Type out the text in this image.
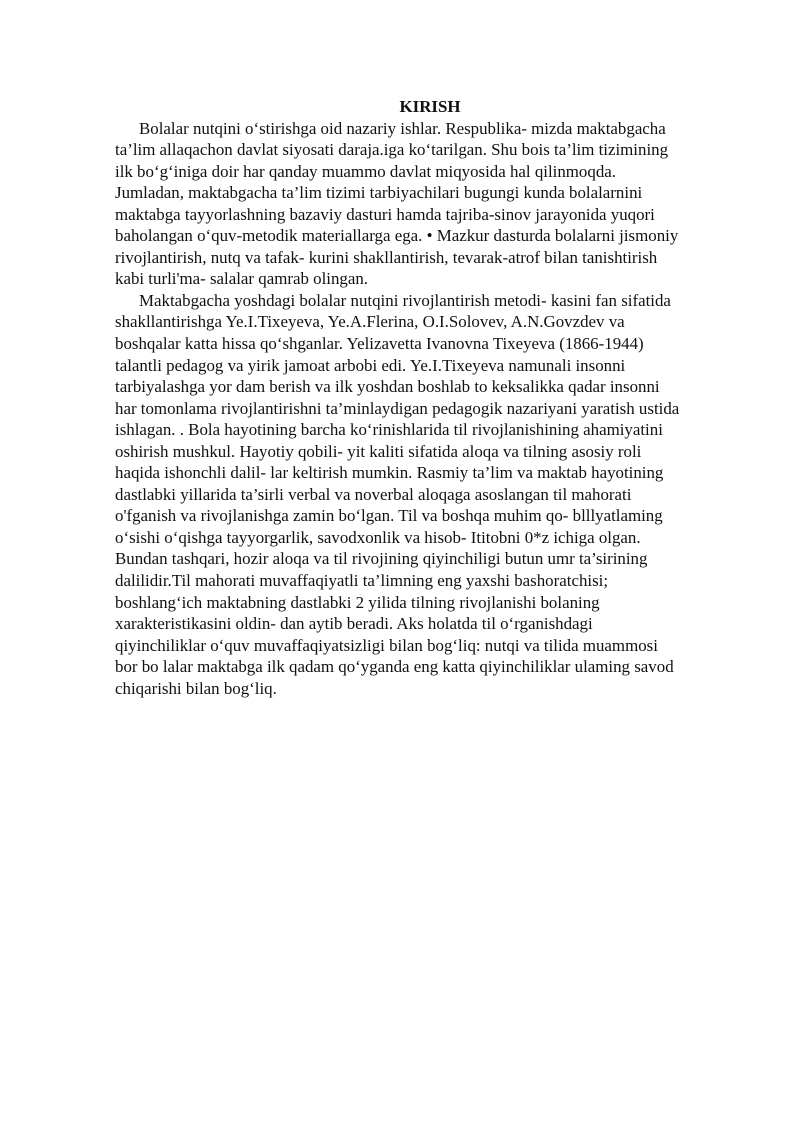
KIRISH
Bolalar nutqini o‘stirishga oid nazariy ishlar. Respublika- mizda maktabgacha
ta’lim allaqachon davlat siyosati daraja.iga ko‘tarilgan. Shu bois ta’lim tizimining
ilk bo‘g‘iniga doir har qanday muammo davlat miqyosida hal qilinmoqda.
Jumladan, maktabgacha ta’lim tizimi tarbiyachilari bugungi kunda bolalarnini
maktabga tayyorlashning bazaviy dasturi hamda tajriba-sinov jarayonida yuqori
baholangan o‘quv-metodik materiallarga ega. • Mazkur dasturda bolalarni jismoniy
rivojlantirish, nutq va tafak- kurini shakllantirish, tevarak-atrof bilan tanishtirish
kabi turli'ma- salalar qamrab olingan.
Maktabgacha yoshdagi bolalar nutqini rivojlantirish metodi- kasini fan sifatida
shakllantirishga Ye.I.Tixeyeva, Ye.A.Flerina, O.I.Solovev, A.N.Govzdev va
boshqalar katta hissa qo‘shganlar. Yelizavetta Ivanovna Tixeyeva (1866-1944)
talantli pedagog va yirik jamoat arbobi edi. Ye.I.Tixeyeva namunali insonni
tarbiyalashga yor dam berish va ilk yoshdan boshlab to keksalikka qadar insonni
har tomonlama rivojlantirishni ta’minlaydigan pedagogik nazariyani yaratish ustida
ishlagan. . Bola hayotining barcha ko‘rinishlarida til rivojlanishining ahamiyatini
oshirish mushkul. Hayotiy qobili- yit kaliti sifatida aloqa va tilning asosiy roli
haqida ishonchli dalil- lar keltirish mumkin. Rasmiy ta’lim va maktab hayotining
dastlabki yillarida ta’sirli verbal va noverbal aloqaga asoslangan til mahorati
o'fganish va rivojlanishga zamin bo‘lgan. Til va boshqa muhim qo- blllyatlaming
o‘sishi o‘qishga tayyorgarlik, savodxonlik va hisob- Ititobni 0*z ichiga olgan.
Bundan tashqari, hozir aloqa va til rivojining qiyinchiligi butun umr ta’sirining
dalilidir.Til mahorati muvaffaqiyatli ta’limning eng yaxshi bashoratchisi;
boshlang‘ich maktabning dastlabki 2 yilida tilning rivojlanishi bolaning
xarakteristikasini oldin- dan aytib beradi. Aks holatda til o‘rganishdagi
qiyinchiliklar o‘quv muvaffaqiyatsizligi bilan bog‘liq: nutqi va tilida muammosi
bor bo lalar maktabga ilk qadam qo‘yganda eng katta qiyinchiliklar ulaming savod
chiqarishi bilan bog‘liq.
